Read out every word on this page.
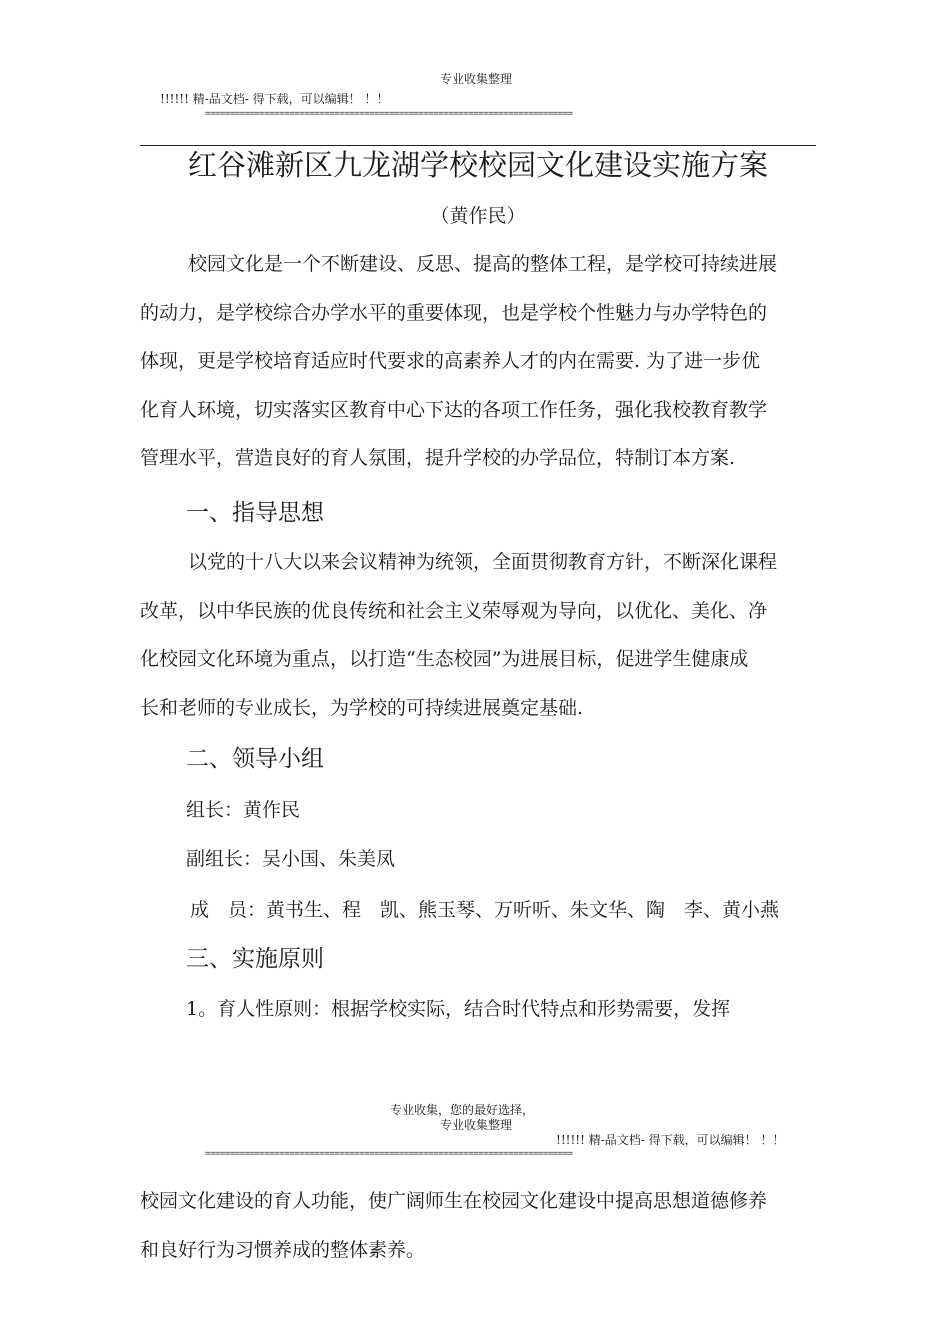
专业收集整理
!!!!!! 精-品文档- 得下载，可以编辑！ ！！
==========================================================================
红谷滩新区九龙湖学校校园文化建设实施方案
（黄作民）
校园文化是一个不断建设、反思、提高的整体工程，是学校可持续进展
的动力，是学校综合办学水平的重要体现，也是学校个性魅力与办学特色的
体现，更是学校培育适应时代要求的高素养人才的内在需要. 为了进一步优
化育人环境，切实落实区教育中心下达的各项工作任务，强化我校教育教学
管理水平，营造良好的育人氛围，提升学校的办学品位，特制订本方案.
一、指导思想
以党的十八大以来会议精神为统领，全面贯彻教育方针，不断深化课程
改革，以中华民族的优良传统和社会主义荣辱观为导向，以优化、美化、净
化校园文化环境为重点，以打造“生态校园”为进展目标，促进学生健康成
长和老师的专业成长，为学校的可持续进展奠定基础.
二、领导小组
组长：黄作民
副组长：吴小国、朱美凤
成　员：黄书生、程　凯、熊玉琴、万听听、朱文华、陶　李、黄小燕
三、实施原则
1。育人性原则：根据学校实际，结合时代特点和形势需要，发挥
专业收集，您的最好选择，
专业收集整理
!!!!!! 精-品文档- 得下载，可以编辑！ ！！
==========================================================================
校园文化建设的育人功能，使广阔师生在校园文化建设中提高思想道德修养
和良好行为习惯养成的整体素养。
